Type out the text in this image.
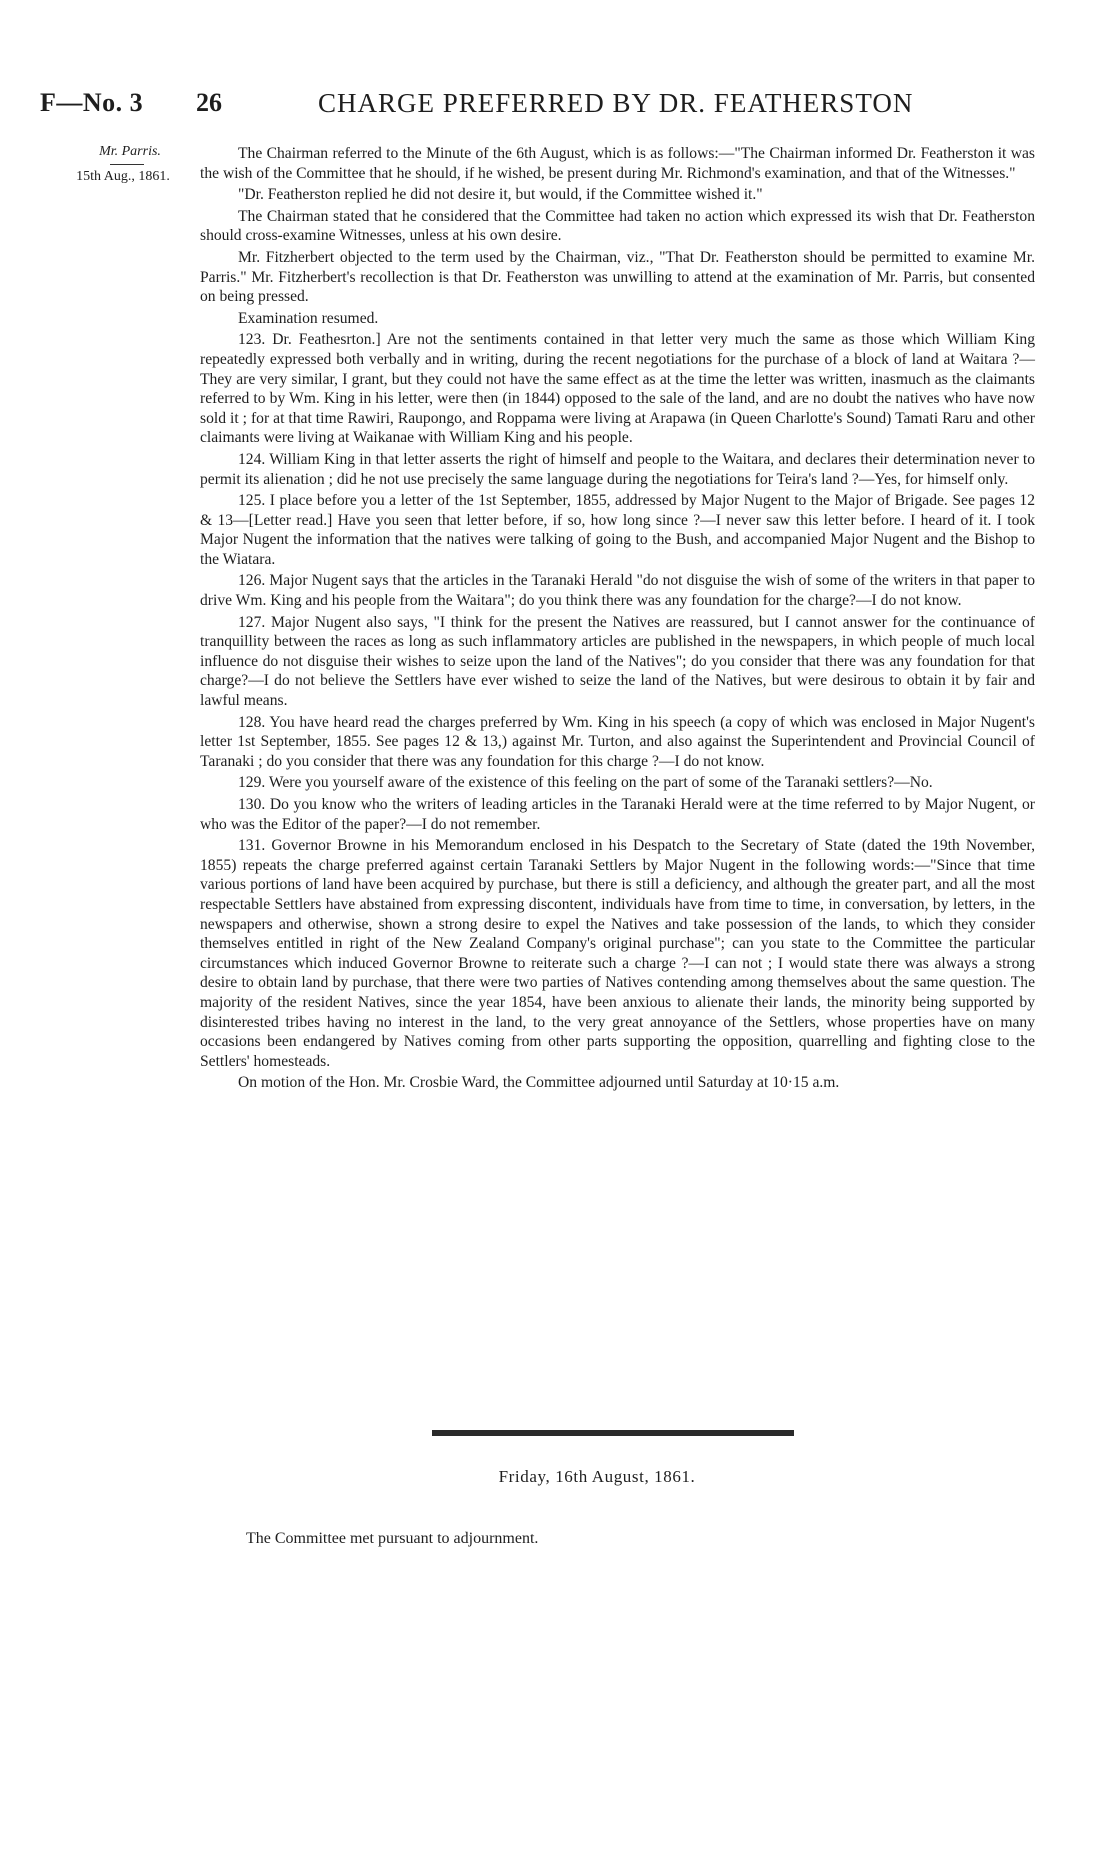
F—No. 3 26	CHARGE PREFERRED BY DR. FEATHERSTON
Mr. Parris.
15th Aug., 1861.

The Chairman referred to the Minute of the 6th August, which is as follows:—"The Chairman informed Dr. Featherston it was the wish of the Committee that he should, if he wished, be present during Mr. Richmond's examination, and that of the Witnesses."

"Dr. Featherston replied he did not desire it, but would, if the Committee wished it."

The Chairman stated that he considered that the Committee had taken no action which expressed its wish that Dr. Featherston should cross-examine Witnesses, unless at his own desire.

Mr. Fitzherbert objected to the term used by the Chairman, viz., "That Dr. Featherston should be permitted to examine Mr. Parris." Mr. Fitzherbert's recollection is that Dr. Featherston was unwilling to attend at the examination of Mr. Parris, but consented on being pressed.

Examination resumed.

123. Dr. Feathesrton.] Are not the sentiments contained in that letter very much the same as those which William King repeatedly expressed both verbally and in writing, during the recent negotiations for the purchase of a block of land at Waitara ?—They are very similar, I grant, but they could not have the same effect as at the time the letter was written, inasmuch as the claimants referred to by Wm. King in his letter, were then (in 1844) opposed to the sale of the land, and are no doubt the natives who have now sold it ; for at that time Rawiri, Raupongo, and Roppama were living at Arapawa (in Queen Charlotte's Sound) Tamati Raru and other claimants were living at Waikanae with William King and his people.

124. William King in that letter asserts the right of himself and people to the Waitara, and declares their determination never to permit its alienation ; did he not use precisely the same language during the negotiations for Teira's land ?—Yes, for himself only.

125. I place before you a letter of the 1st September, 1855, addressed by Major Nugent to the Major of Brigade. See pages 12 & 13—[Letter read.] Have you seen that letter before, if so, how long since ?—I never saw this letter before. I heard of it. I took Major Nugent the information that the natives were talking of going to the Bush, and accompanied Major Nugent and the Bishop to the Wiatara.

126. Major Nugent says that the articles in the Taranaki Herald "do not disguise the wish of some of the writers in that paper to drive Wm. King and his people from the Waitara"; do you think there was any foundation for the charge?—I do not know.

127. Major Nugent also says, "I think for the present the Natives are reassured, but I cannot answer for the continuance of tranquillity between the races as long as such inflammatory articles are published in the newspapers, in which people of much local influence do not disguise their wishes to seize upon the land of the Natives"; do you consider that there was any foundation for that charge?—I do not believe the Settlers have ever wished to seize the land of the Natives, but were desirous to obtain it by fair and lawful means.

128. You have heard read the charges preferred by Wm. King in his speech (a copy of which was enclosed in Major Nugent's letter 1st September, 1855. See pages 12 & 13,) against Mr. Turton, and also against the Superintendent and Provincial Council of Taranaki ; do you consider that there was any foundation for this charge ?—I do not know.

129. Were you yourself aware of the existence of this feeling on the part of some of the Taranaki settlers?—No.

130. Do you know who the writers of leading articles in the Taranaki Herald were at the time referred to by Major Nugent, or who was the Editor of the paper?—I do not remember.

131. Governor Browne in his Memorandum enclosed in his Despatch to the Secretary of State (dated the 19th November, 1855) repeats the charge preferred against certain Taranaki Settlers by Major Nugent in the following words:—"Since that time various portions of land have been acquired by purchase, but there is still a deficiency, and although the greater part, and all the most respectable Settlers have abstained from expressing discontent, individuals have from time to time, in conversation, by letters, in the newspapers and otherwise, shown a strong desire to expel the Natives and take possession of the lands, to which they consider themselves entitled in right of the New Zealand Company's original purchase"; can you state to the Committee the particular circumstances which induced Governor Browne to reiterate such a charge ?—I can not ; I would state there was always a strong desire to obtain land by purchase, that there were two parties of Natives contending among themselves about the same question. The majority of the resident Natives, since the year 1854, have been anxious to alienate their lands, the minority being supported by disinterested tribes having no interest in the land, to the very great annoyance of the Settlers, whose properties have on many occasions been endangered by Natives coming from other parts supporting the opposition, quarrelling and fighting close to the Settlers' homesteads.

On motion of the Hon. Mr. Crosbie Ward, the Committee adjourned until Saturday at 10·15 a.m.

Friday, 16th August, 1861.
The Committee met pursuant to adjournment.
